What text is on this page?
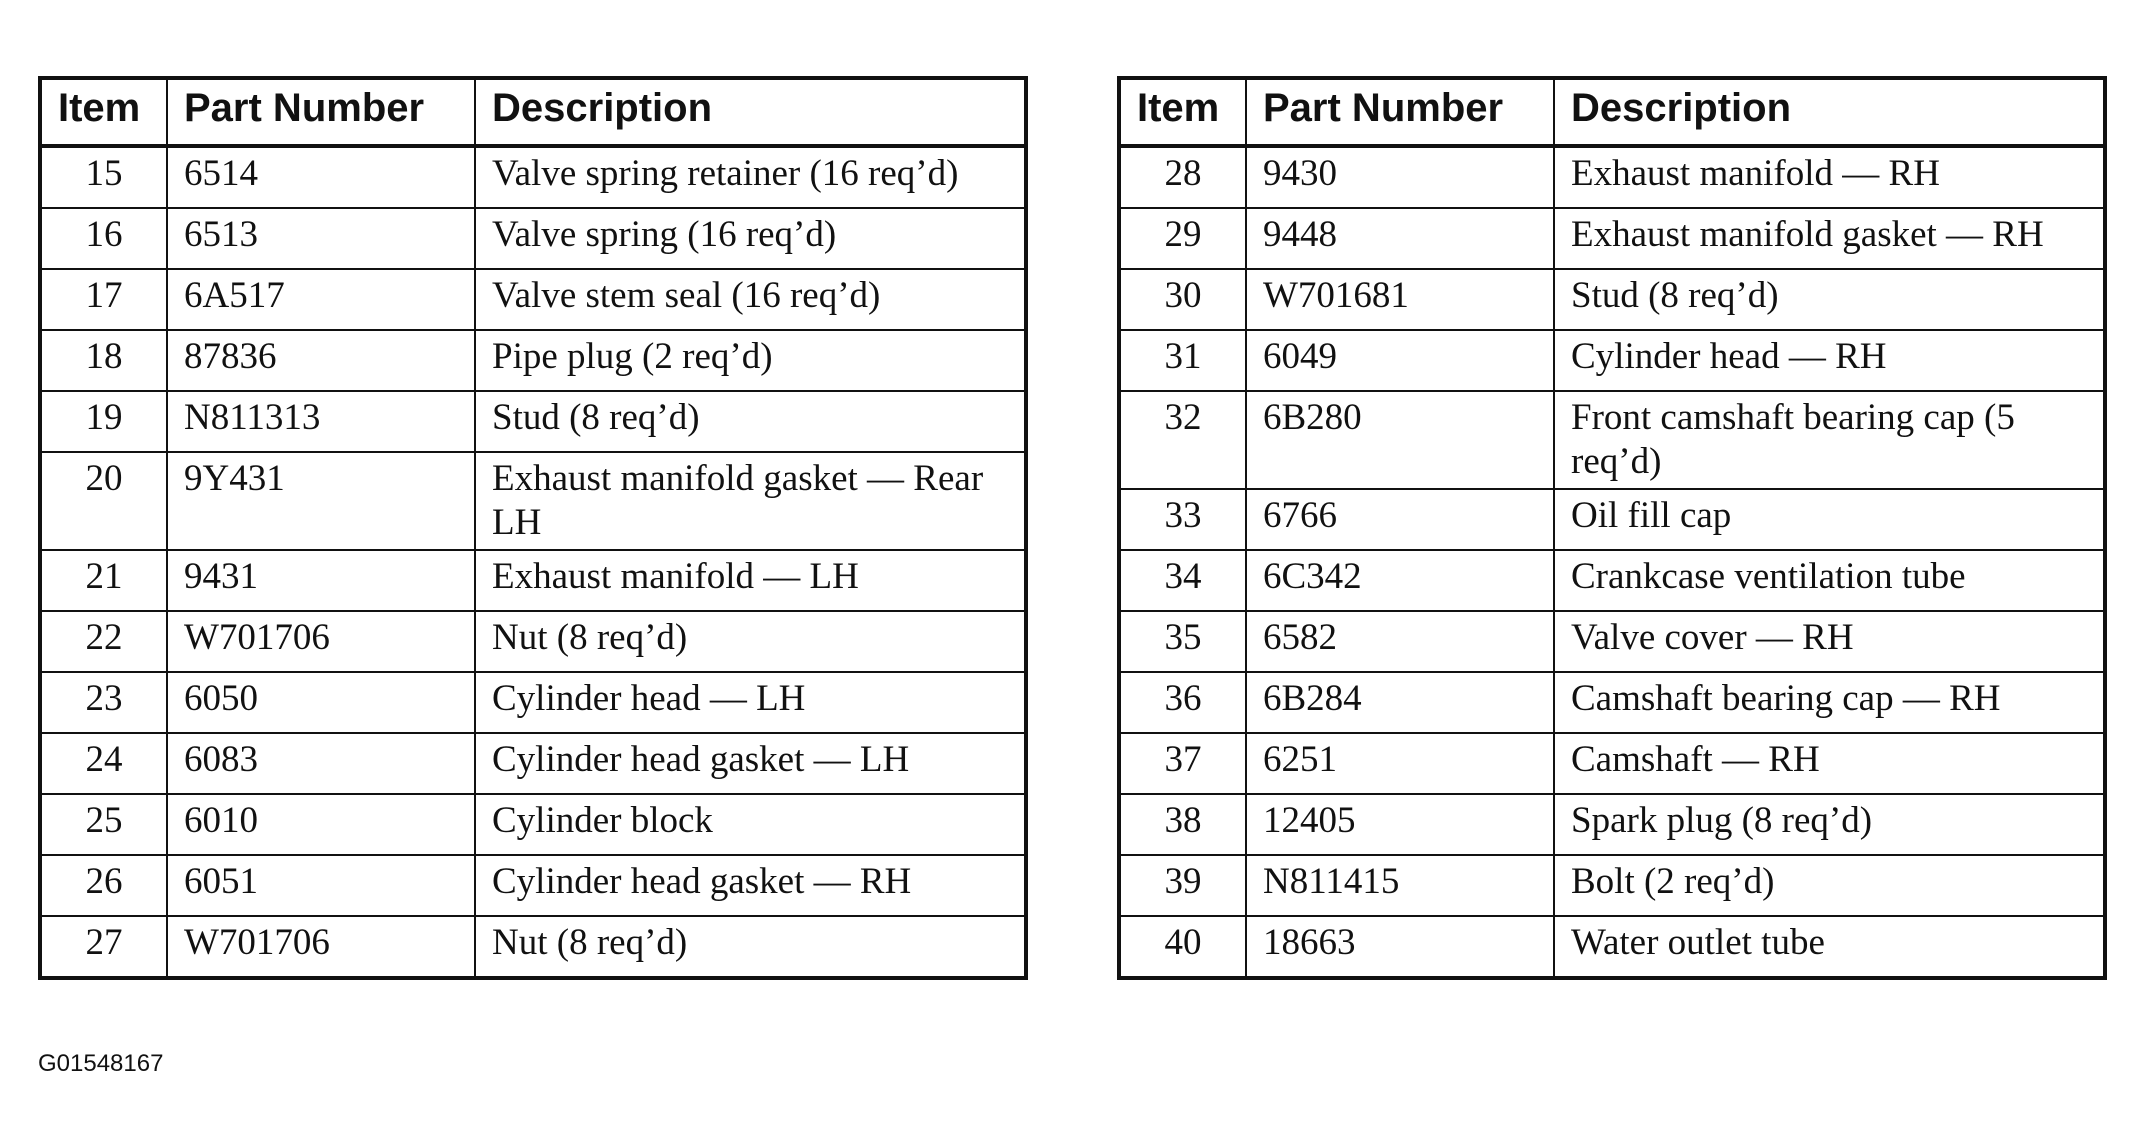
Item	Part Number	Description
15	6514	Valve spring retainer (16 req’d)
16	6513	Valve spring (16 req’d)
17	6A517	Valve stem seal (16 req’d)
18	87836	Pipe plug (2 req’d)
19	N811313	Stud (8 req’d)
20	9Y431	Exhaust manifold gasket — Rear LH
21	9431	Exhaust manifold — LH
22	W701706	Nut (8 req’d)
23	6050	Cylinder head — LH
24	6083	Cylinder head gasket — LH
25	6010	Cylinder block
26	6051	Cylinder head gasket — RH
27	W701706	Nut (8 req’d)
Item	Part Number	Description
28	9430	Exhaust manifold — RH
29	9448	Exhaust manifold gasket — RH
30	W701681	Stud (8 req’d)
31	6049	Cylinder head — RH
32	6B280	Front camshaft bearing cap (5 req’d)
33	6766	Oil fill cap
34	6C342	Crankcase ventilation tube
35	6582	Valve cover — RH
36	6B284	Camshaft bearing cap — RH
37	6251	Camshaft — RH
38	12405	Spark plug (8 req’d)
39	N811415	Bolt (2 req’d)
40	18663	Water outlet tube
G01548167
